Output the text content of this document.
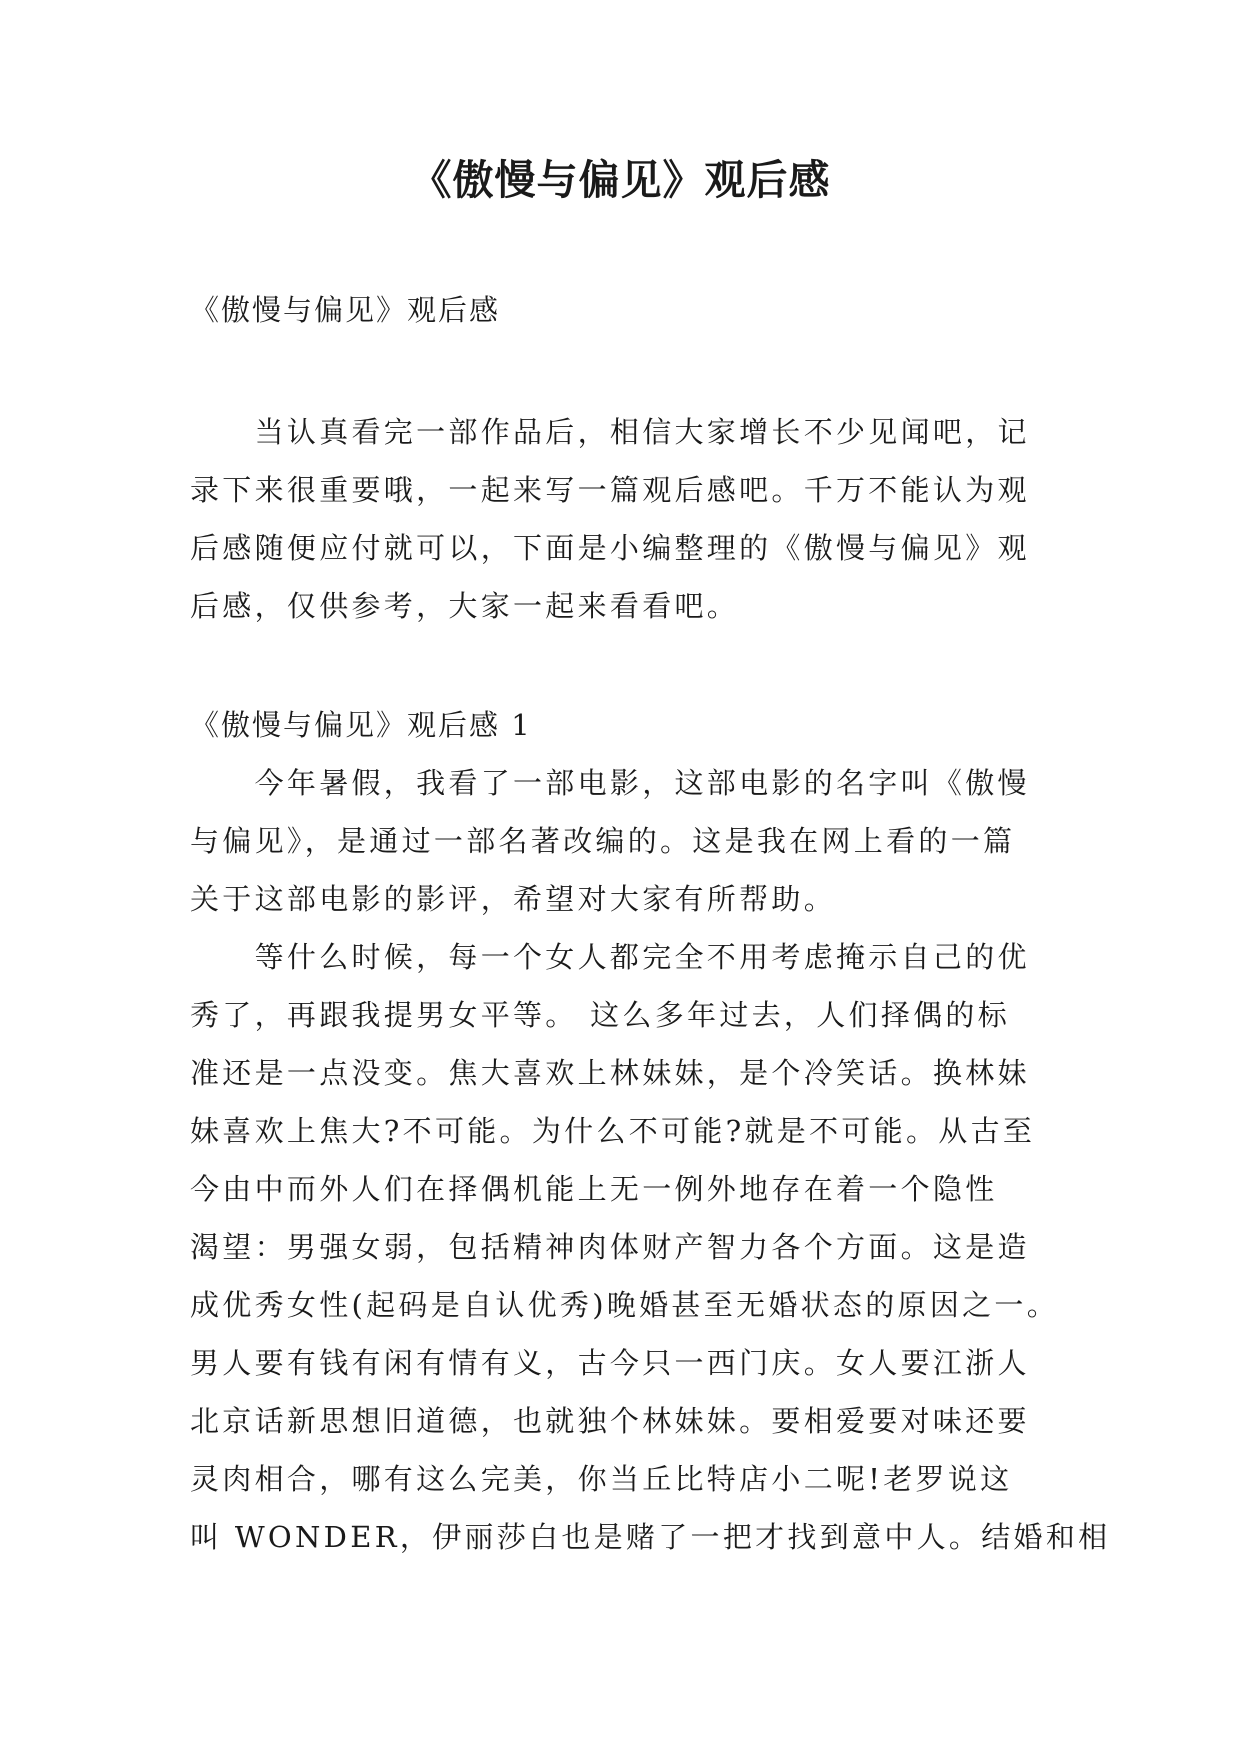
《傲慢与偏见》观后感
《傲慢与偏见》观后感
　　当认真看完一部作品后，相信大家增长不少见闻吧，记
录下来很重要哦，一起来写一篇观后感吧。千万不能认为观
后感随便应付就可以，下面是小编整理的《傲慢与偏见》观
后感，仅供参考，大家一起来看看吧。
《傲慢与偏见》观后感 1
　　今年暑假，我看了一部电影，这部电影的名字叫《傲慢
与偏见》，是通过一部名著改编的。这是我在网上看的一篇
关于这部电影的影评，希望对大家有所帮助。
　　等什么时候，每一个女人都完全不用考虑掩示自己的优
秀了，再跟我提男女平等。 这么多年过去，人们择偶的标
准还是一点没变。焦大喜欢上林妹妹，是个冷笑话。换林妹
妹喜欢上焦大?不可能。为什么不可能?就是不可能。从古至
今由中而外人们在择偶机能上无一例外地存在着一个隐性
渴望：男强女弱，包括精神肉体财产智力各个方面。这是造
成优秀女性(起码是自认优秀)晚婚甚至无婚状态的原因之一。
男人要有钱有闲有情有义，古今只一西门庆。女人要江浙人
北京话新思想旧道德，也就独个林妹妹。要相爱要对味还要
灵肉相合，哪有这么完美，你当丘比特店小二呢!老罗说这
叫 WONDER，伊丽莎白也是赌了一把才找到意中人。结婚和相
